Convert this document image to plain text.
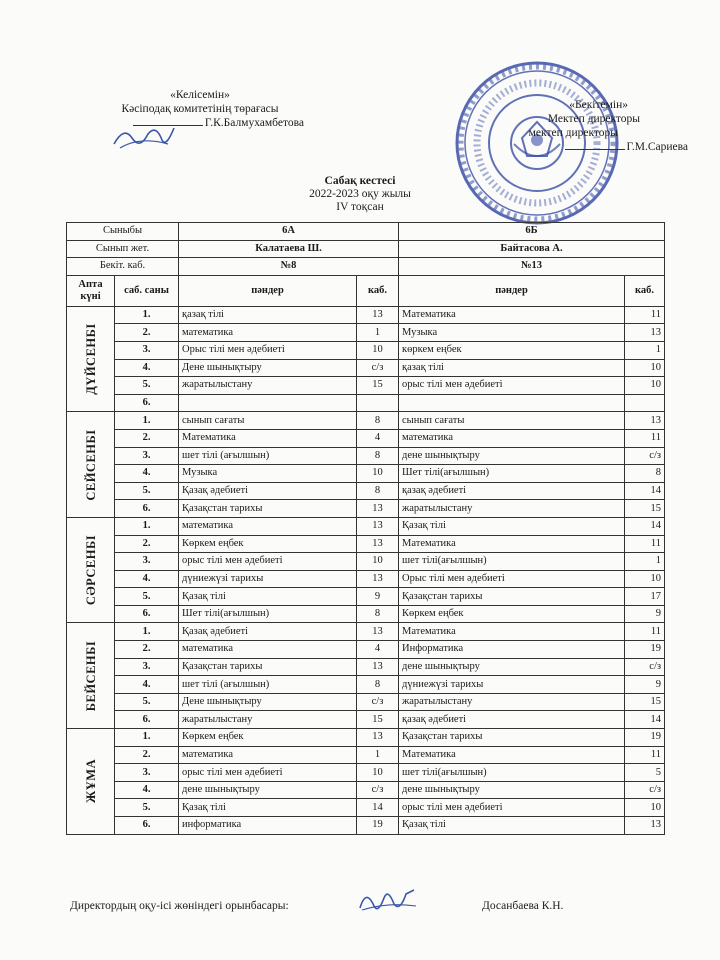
«Келісемін»
Кәсіподақ комитетінің төрағасы
Г.К.Балмухамбетова
«Бекітемін»
Мектеп директоры
мектеп директоры
Г.М.Сариева
Сабақ кестесі
2022-2023 оқу жылы
IV тоқсан
Сыныбы		6А		6Б	
Сынып жет.		Калатаева Ш.		Байтасова А.	
Бекіт. каб.		№8		№13	
Апта күні	саб. саны	пәндер	каб.	пәндер	каб.

ДҮЙСЕНБІ	1.	қазақ тілі	13	Математика	11
	2.	математика	1	Музыка	13
	3.	Орыс тілі мен әдебиеті	10	көркем еңбек	1
	4.	Дене шынықтыру	с/з	қазақ тілі	10
	5.	жаратылыстану	15	орыс тілі мен әдебиеті	10
	6.				

СЕЙСЕНБІ	1.	сынып сағаты	8	сынып сағаты	13
	2.	Математика	4	математика	11
	3.	шет тілі (ағылшын)	8	дене шынықтыру	с/з
	4.	Музыка	10	Шет тілі(ағылшын)	8
	5.	Қазақ әдебиеті	8	қазақ әдебиеті	14
	6.	Қазақстан тарихы	13	жаратылыстану	15

СӘРСЕНБІ	1.	математика	13	Қазақ тілі	14
	2.	Көркем еңбек	13	Математика	11
	3.	орыс тілі мен әдебиеті	10	шет тілі(ағылшын)	1
	4.	дүниежүзі тарихы	13	Орыс тілі мен әдебиеті	10
	5.	Қазақ тілі	9	Қазақстан тарихы	17
	6.	Шет тілі(ағылшын)	8	Көркем еңбек	9

БЕЙСЕНБІ	1.	Қазақ әдебиеті	13	Математика	11
	2.	математика	4	Информатика	19
	3.	Қазақстан тарихы	13	дене шынықтыру	с/з
	4.	шет тілі (ағылшын)	8	дүниежүзі тарихы	9
	5.	Дене шынықтыру	с/з	жаратылыстану	15
	6.	жаратылыстану	15	қазақ әдебиеті	14

ЖҰМА	1.	Көркем еңбек	13	Қазақстан тарихы	19
	2.	математика	1	Математика	11
	3.	орыс тілі мен әдебиеті	10	шет тілі(ағылшын)	5
	4.	дене шынықтыру	с/з	дене шынықтыру	с/з
	5.	Қазақ тілі	14	орыс тілі мен әдебиеті	10
	6.	информатика	19	Қазақ тілі	13
Директордың оқу-ісі жөніндегі орынбасары:	Досанбаева К.Н.
